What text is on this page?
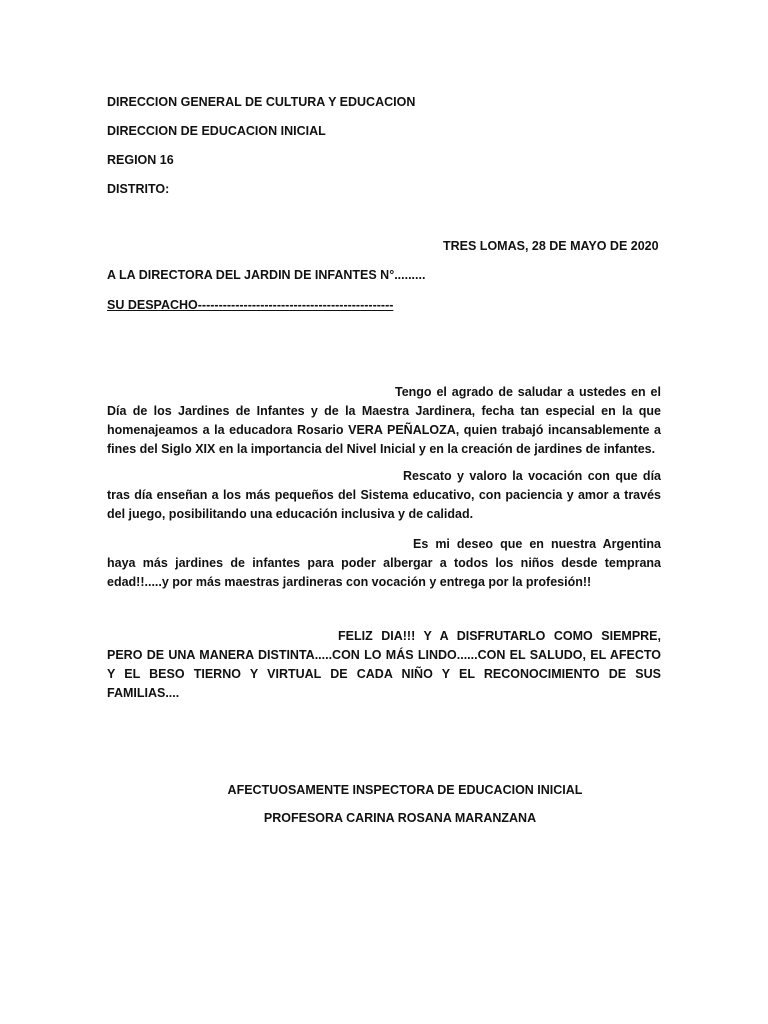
DIRECCION GENERAL DE CULTURA Y EDUCACION
DIRECCION DE EDUCACION INICIAL
REGION 16
DISTRITO:
TRES LOMAS, 28 DE MAYO DE 2020
A LA DIRECTORA DEL JARDIN DE INFANTES N°.........
SU DESPACHO-----------------------------------------------

Tengo el agrado de saludar a ustedes en el Día de los Jardines de Infantes y de la Maestra Jardinera, fecha tan especial en la que homenajeamos a la educadora Rosario VERA PEÑALOZA, quien trabajó incansablemente a fines del Siglo XIX en la importancia del Nivel Inicial y en la creación de jardines de infantes.

Rescato y valoro la vocación con que día tras día enseñan a los más pequeños del Sistema educativo, con paciencia y amor a través del juego, posibilitando una educación inclusiva y de calidad.

Es mi deseo que en nuestra Argentina haya más jardines de infantes para poder albergar a todos los niños desde temprana edad!!.....y por más maestras jardineras con vocación y entrega por la profesión!!

FELIZ DIA!!! Y A DISFRUTARLO COMO SIEMPRE, PERO DE UNA MANERA DISTINTA.....CON LO MÁS LINDO......CON EL SALUDO, EL AFECTO Y EL BESO TIERNO Y VIRTUAL DE CADA NIÑO Y EL RECONOCIMIENTO DE SUS FAMILIAS....

AFECTUOSAMENTE INSPECTORA DE EDUCACION INICIAL
PROFESORA CARINA ROSANA MARANZANA
